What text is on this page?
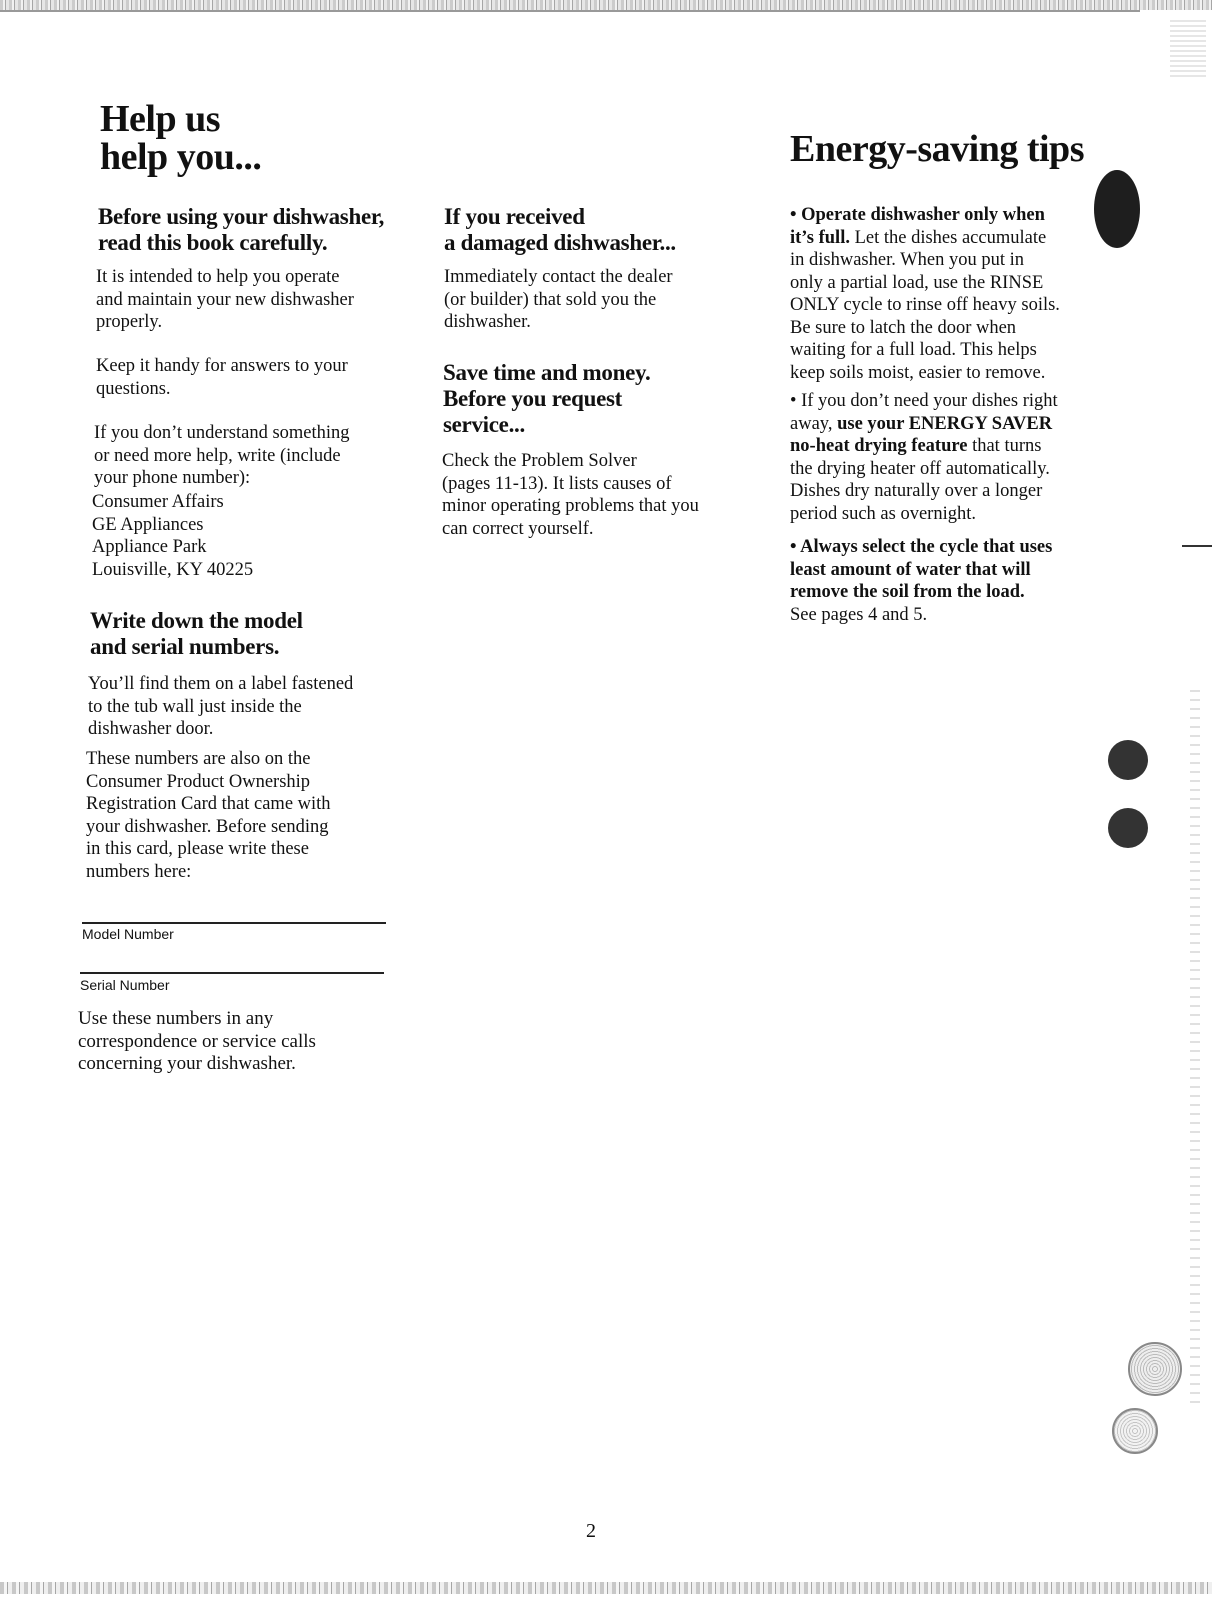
Help us
help you...	Energy-saving tips
Before using your dishwasher,
read this book carefully.

It is intended to help you operate
and maintain your new dishwasher
properly.

Keep it handy for answers to your
questions.

If you don’t understand something
or need more help, write (include
your phone number):

Consumer Affairs
GE Appliances
Appliance Park
Louisville, KY 40225

Write down the model
and serial numbers.

You’ll find them on a label fastened
to the tub wall just inside the
dishwasher door.

These numbers are also on the
Consumer Product Ownership
Registration Card that came with
your dishwasher. Before sending
in this card, please write these
numbers here:

Model Number
Serial Number

Use these numbers in any
correspondence or service calls
concerning your dishwasher.

If you received
a damaged dishwasher...

Immediately contact the dealer
(or builder) that sold you the
dishwasher.

Save time and money.
Before you request
service...

Check the Problem Solver
(pages 11-13). It lists causes of
minor operating problems that you
can correct yourself.

• Operate dishwasher only when
it’s full. Let the dishes accumulate
in dishwasher. When you put in
only a partial load, use the RINSE
ONLY cycle to rinse off heavy soils.
Be sure to latch the door when
waiting for a full load. This helps
keep soils moist, easier to remove.

• If you don’t need your dishes right
away, use your ENERGY SAVER
no-heat drying feature that turns
the drying heater off automatically.
Dishes dry naturally over a longer
period such as overnight.

• Always select the cycle that uses
least amount of water that will
remove the soil from the load.
See pages 4 and 5.

2
